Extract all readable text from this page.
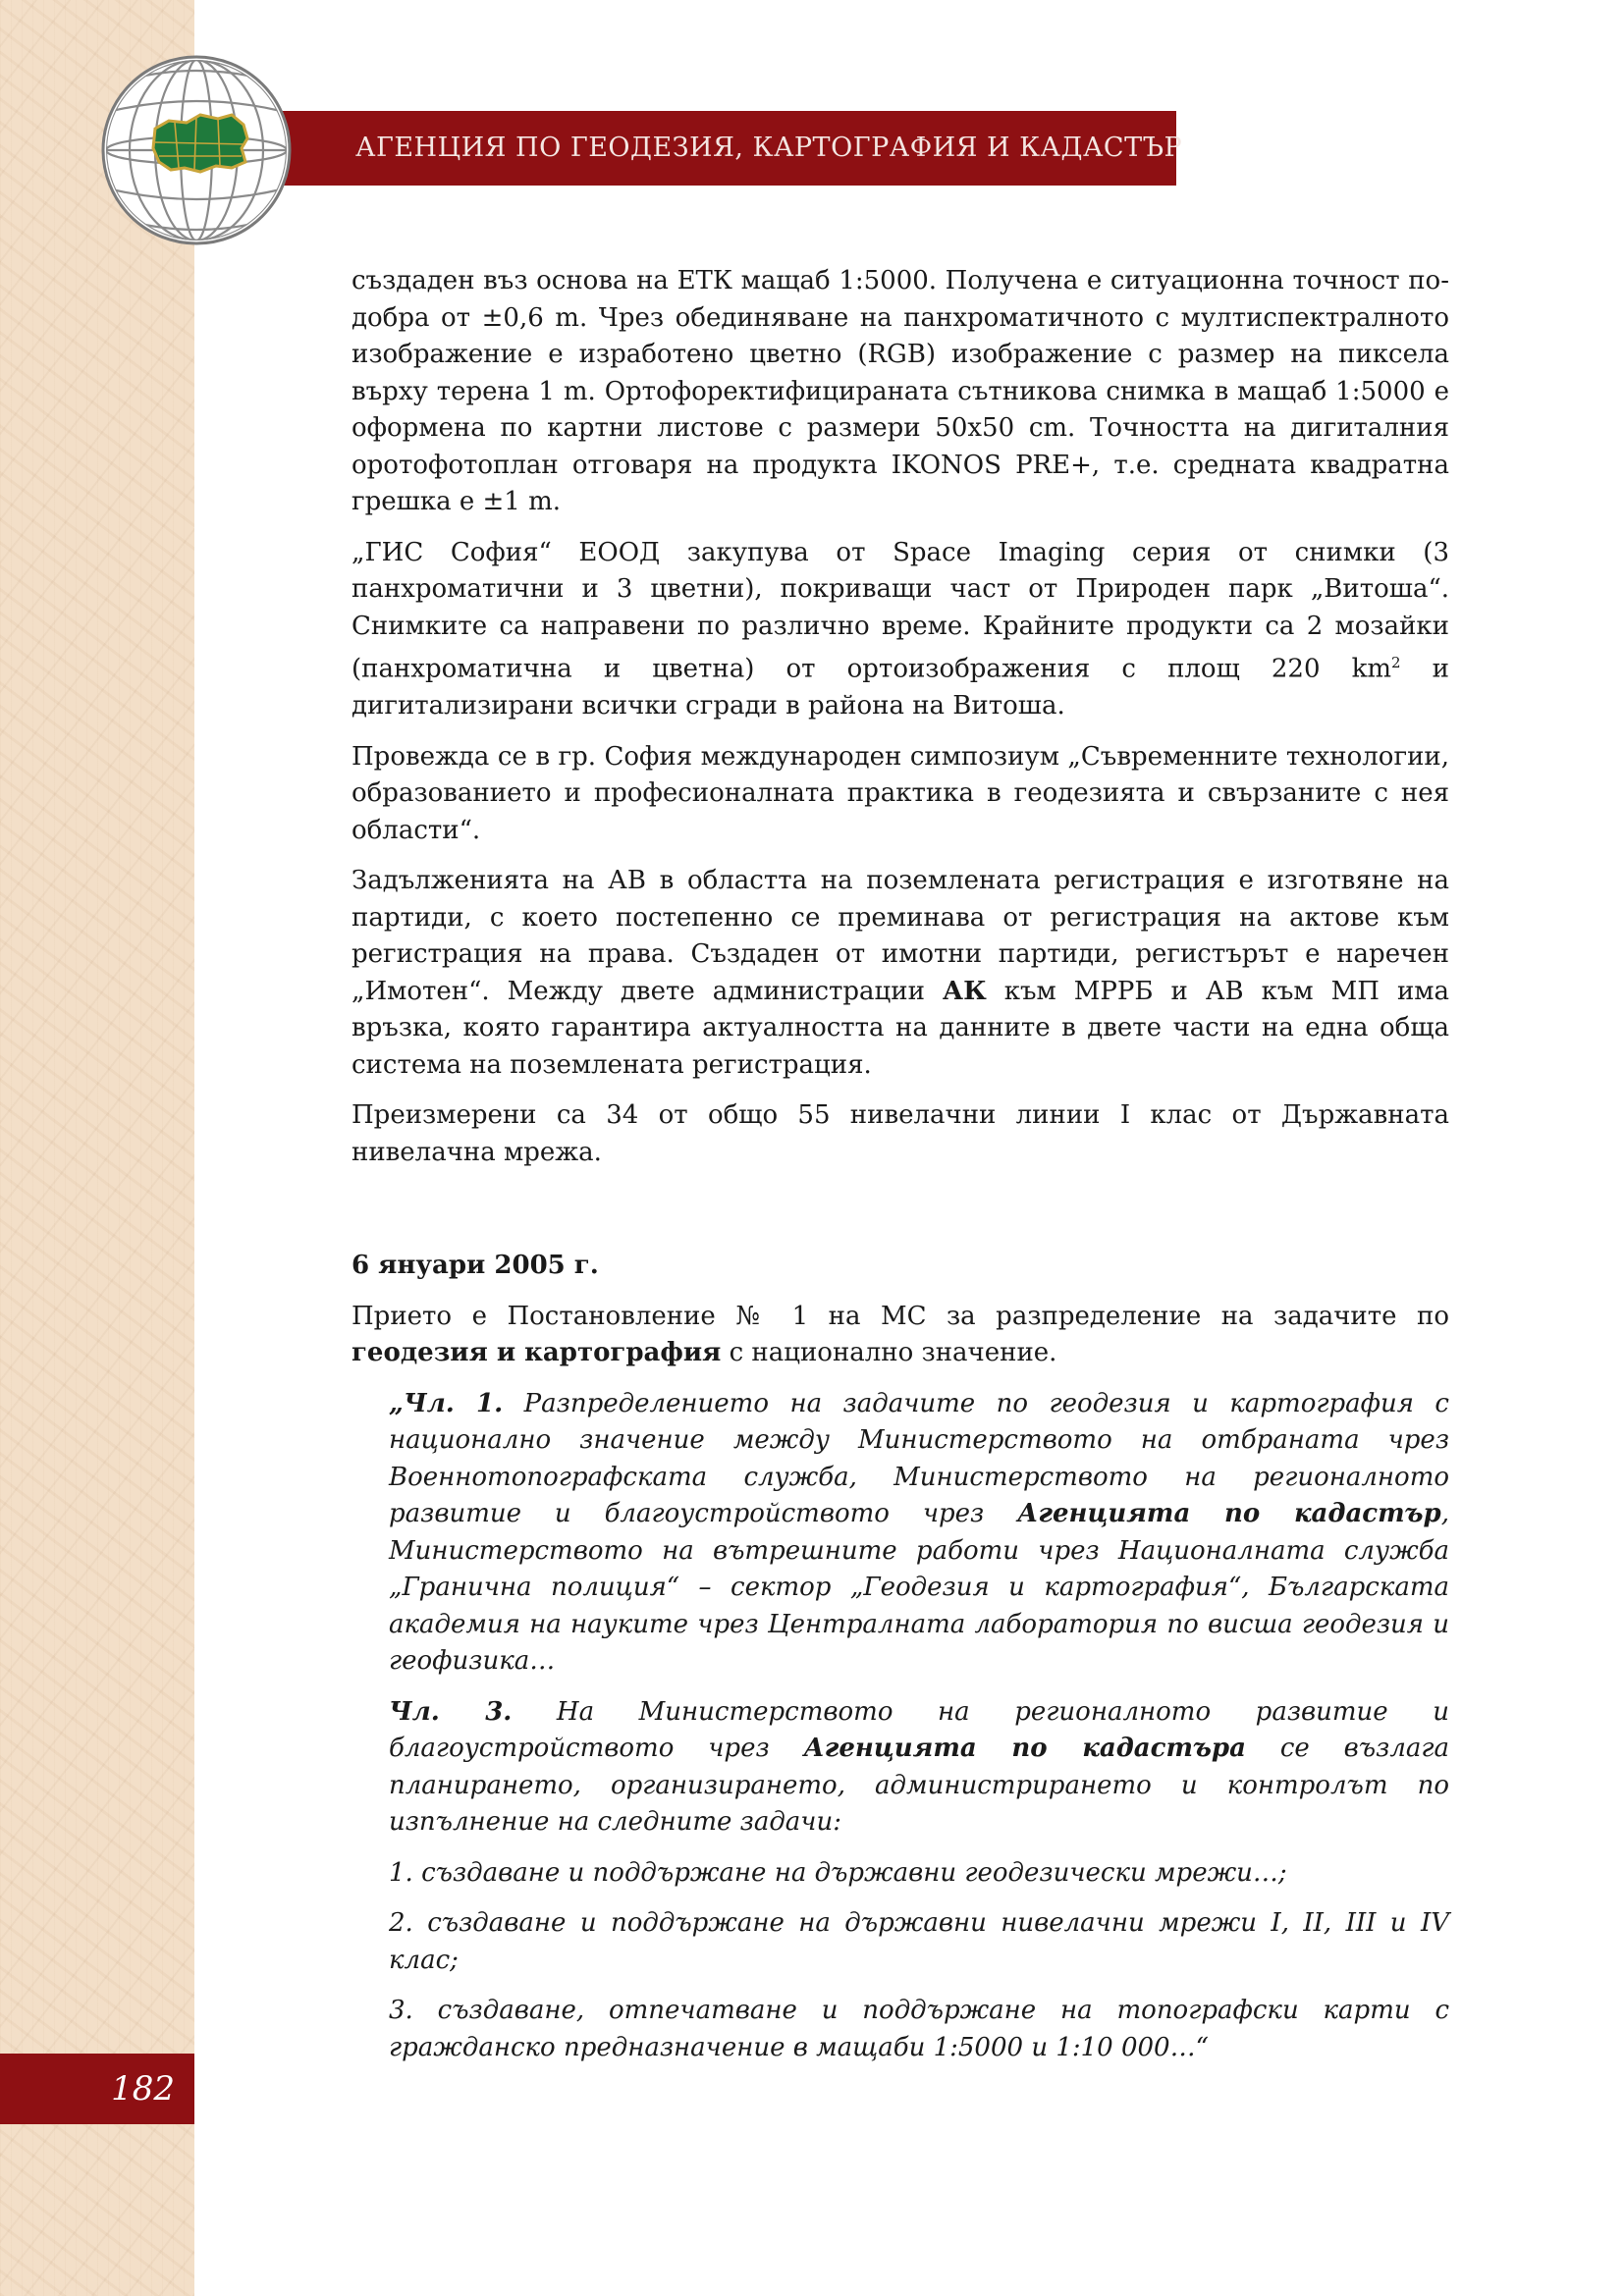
АГЕНЦИЯ ПО ГЕОДЕЗИЯ, КАРТОГРАФИЯ И КАДАСТЪР

създаден въз основа на ЕТК мащаб 1:5000. Получена е ситуационна точност по-добра от ±0,6 m. Чрез обединяване на панхроматичното с мултиспектралното изображение е изработено цветно (RGB) изображение с размер на пиксела върху терена 1 m. Ортофоректифицираната сътниковa снимка в мащаб 1:5000 е оформена по картни листове с размери 50x50 cm. Точността на дигиталния оротофотоплан отговаря на продукта IKONOS PRE+, т.е. средната квадратна грешка е ±1 m.

„ГИС София“ ЕООД закупува от Space Imaging серия от снимки (3 панхроматични и 3 цветни), покриващи част от Природен парк „Витоша“. Снимките са направени по различно време. Крайните продукти са 2 мозайки (панхроматична и цветна) от ортоизображения с площ 220 $km^2$ и дигитализирани всички сгради в района на Витоша.

Провежда се в гр. София международен симпозиум „Съвременните технологии, образованието и професионалната практика в геодезията и свързаните с нея области“.

Задълженията на АВ в областта на поземлената регистрация е изготвяне на партиди, с което постепенно се преминава от регистрация на актове към регистрация на права. Създаден от имотни партиди, регистърът е наречен „Имотен“. Между двете администрации АК към МРРБ и АВ към МП има връзка, която гарантира актуалността на данните в двете части на една обща система на поземлената регистрация.

Преизмерени са 34 от общо 55 нивелачни линии I клас от Държавната нивелачна мрежа.

6 януари 2005 г.

Прието е Постановление № 1 на МС за разпределение на задачите по геодезия и картография с национално значение.

„Чл. 1. Разпределението на задачите по геодезия и картография с национално значение между Министерството на отбраната чрез Военнотопографската служба, Министерството на регионалното развитие и благоустройството чрез Агенцията по кадастър, Министерството на вътрешните работи чрез Националната служба „Гранична полиция“ – сектор „Геодезия и картография“, Българската академия на науките чрез Централната лаборатория по висша геодезия и геофизика…

Чл. 3. На Министерството на регионалното развитие и благоустройството чрез Агенцията по кадастъра се възлага планирането, организирането, администрирането и контролът по изпълнение на следните задачи:

1. създаване и поддържане на държавни геодезически мрежи…;

2. създаване и поддържане на държавни нивелачни мрежи I, II, III и IV клас;

3. създаване, отпечатване и поддържане на топографски карти с гражданско предназначение в мащаби 1:5000 и 1:10 000…“

182
